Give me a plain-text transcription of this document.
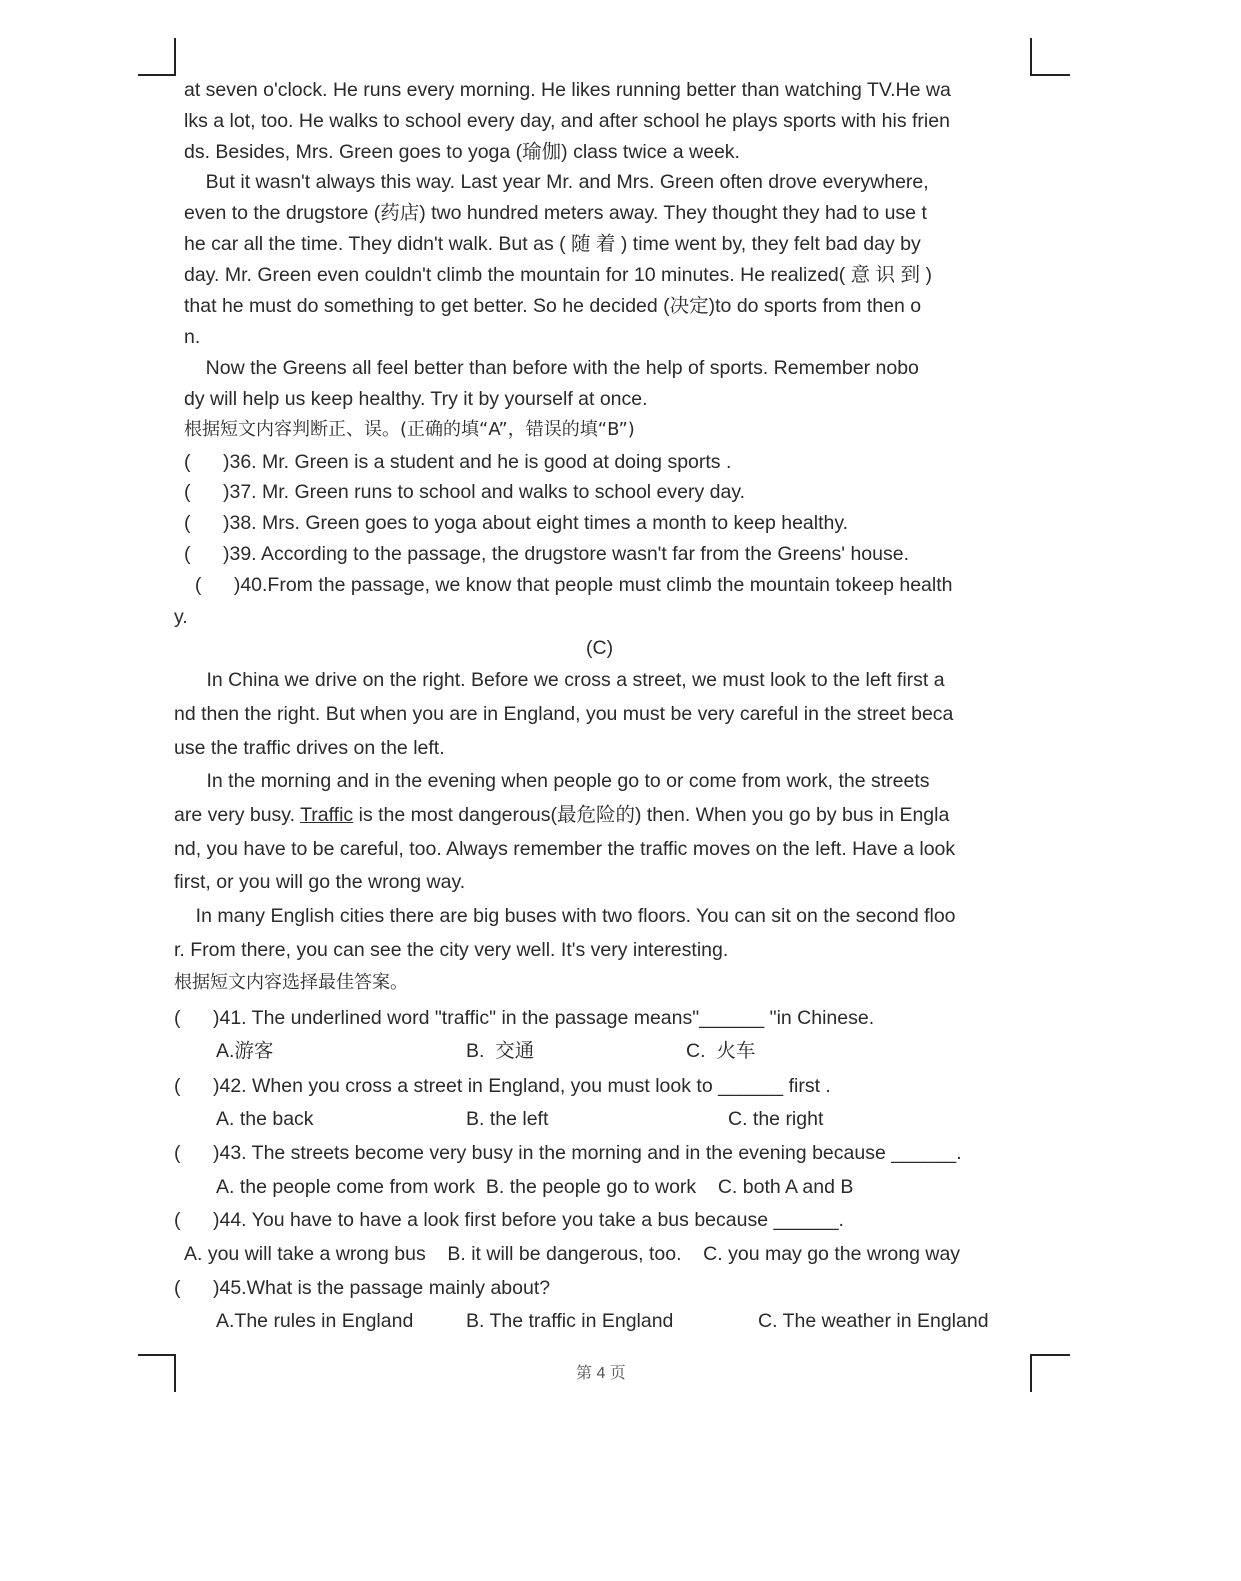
at seven o'clock. He runs every morning. He likes running better than watching TV.He wa
lks a lot, too. He walks to school every day, and after school he plays sports with his frien
ds. Besides, Mrs. Green goes to yoga (瑜伽) class twice a week.
But it wasn't always this way. Last year Mr. and Mrs. Green often drove everywhere,
even to the drugstore (药店) two hundred meters away. They thought they had to use t
he car all the time. They didn't walk. But as ( 随 着 ) time went by, they felt bad day by
day. Mr. Green even couldn't climb the mountain for 10 minutes. He realized( 意 识 到 )
that he must do something to get better. So he decided (决定)to do sports from then o
n.
Now the Greens all feel better than before with the help of sports. Remember nobo
dy will help us keep healthy. Try it by yourself at once.
根据短文内容判断正、误。(正确的填“A”，错误的填“B”)
(      )36. Mr. Green is a student and he is good at doing sports .
(      )37. Mr. Green runs to school and walks to school every day.
(      )38. Mrs. Green goes to yoga about eight times a month to keep healthy.
(      )39. According to the passage, the drugstore wasn't far from the Greens' house.
(      )40.From the passage, we know that people must climb the mountain tokeep health
y.
(C)
In China we drive on the right. Before we cross a street, we must look to the left first a
nd then the right. But when you are in England, you must be very careful in the street beca
use the traffic drives on the left.
In the morning and in the evening when people go to or come from work, the streets
are very busy. Traffic is the most dangerous(最危险的) then. When you go by bus in Engla
nd, you have to be careful, too. Always remember the traffic moves on the left. Have a look
first, or you will go the wrong way.
In many English cities there are big buses with two floors. You can sit on the second floo
r. From there, you can see the city very well. It's very interesting.
根据短文内容选择最佳答案。
(      )41. The underlined word "traffic" in the passage means"______ "in Chinese.
A.游客	B.  交通	C.  火车
(      )42. When you cross a street in England, you must look to ______ first .
A. the back	B. the left	C. the right
(      )43. The streets become very busy in the morning and in the evening because ______.
A. the people come from work  B. the people go to work    C. both A and B
(      )44. You have to have a look first before you take a bus because ______.
A. you will take a wrong bus    B. it will be dangerous, too.    C. you may go the wrong way
(      )45.What is the passage mainly about?
A.The rules in England	B. The traffic in England	C. The weather in England
第 4 页
